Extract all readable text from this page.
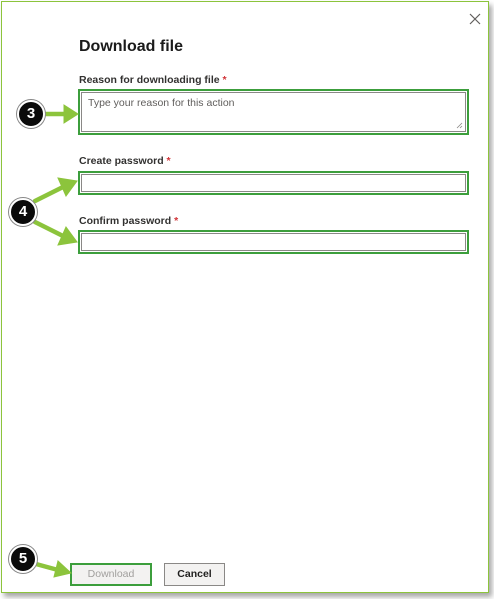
Download file
Reason for downloading file *
Type your reason for this action
Create password *
Confirm password *
Download	Cancel
3
4
5
